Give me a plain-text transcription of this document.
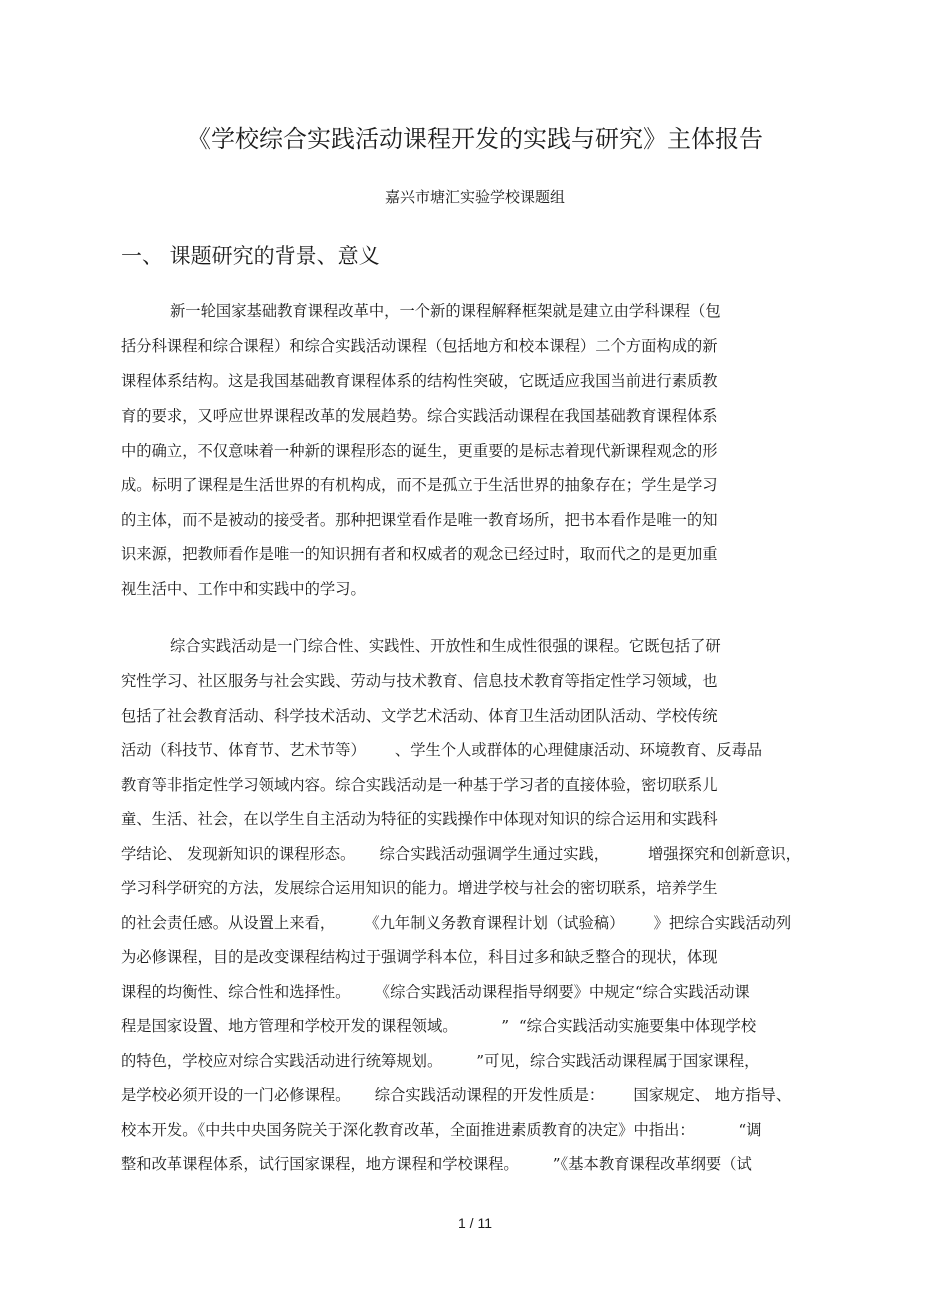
《学校综合实践活动课程开发的实践与研究》主体报告
嘉兴市塘汇实验学校课题组
一、 课题研究的背景、意义
新一轮国家基础教育课程改革中，一个新的课程解释框架就是建立由学科课程（包
括分科课程和综合课程）和综合实践活动课程（包括地方和校本课程）二个方面构成的新
课程体系结构。这是我国基础教育课程体系的结构性突破，它既适应我国当前进行素质教
育的要求，又呼应世界课程改革的发展趋势。综合实践活动课程在我国基础教育课程体系
中的确立，不仅意味着一种新的课程形态的诞生，更重要的是标志着现代新课程观念的形
成。标明了课程是生活世界的有机构成，而不是孤立于生活世界的抽象存在；学生是学习
的主体，而不是被动的接受者。那种把课堂看作是唯一教育场所，把书本看作是唯一的知
识来源，把教师看作是唯一的知识拥有者和权威者的观念已经过时，取而代之的是更加重
视生活中、工作中和实践中的学习。
综合实践活动是一门综合性、实践性、开放性和生成性很强的课程。它既包括了研
究性学习、社区服务与社会实践、劳动与技术教育、信息技术教育等指定性学习领域，也
包括了社会教育活动、科学技术活动、文学艺术活动、体育卫生活动团队活动、学校传统
活动（科技节、体育节、艺术节等）      、学生个人或群体的心理健康活动、环境教育、反毒品
教育等非指定性学习领域内容。综合实践活动是一种基于学习者的直接体验，密切联系儿
童、生活、社会，在以学生自主活动为特征的实践操作中体现对知识的综合运用和实践科
学结论、 发现新知识的课程形态。     综合实践活动强调学生通过实践，        增强探究和创新意识，
学习科学研究的方法，发展综合运用知识的能力。增进学校与社会的密切联系，培养学生
的社会责任感。从设置上来看，      《九年制义务教育课程计划（试验稿）      》把综合实践活动列
为必修课程，目的是改变课程结构过于强调学科本位，科目过多和缺乏整合的现状，体现
课程的均衡性、综合性和选择性。     《综合实践活动课程指导纲要》中规定“综合实践活动课
程是国家设置、地方管理和学校开发的课程领域。         ”  “综合实践活动实施要集中体现学校
的特色，学校应对综合实践活动进行统筹规划。       ”可见，综合实践活动课程属于国家课程，
是学校必须开设的一门必修课程。     综合实践活动课程的开发性质是：      国家规定、 地方指导、
校本开发。《中共中央国务院关于深化教育改革，全面推进素质教育的决定》中指出：         “调
整和改革课程体系，试行国家课程，地方课程和学校课程。       ”《基本教育课程改革纲要（试
1 / 11
